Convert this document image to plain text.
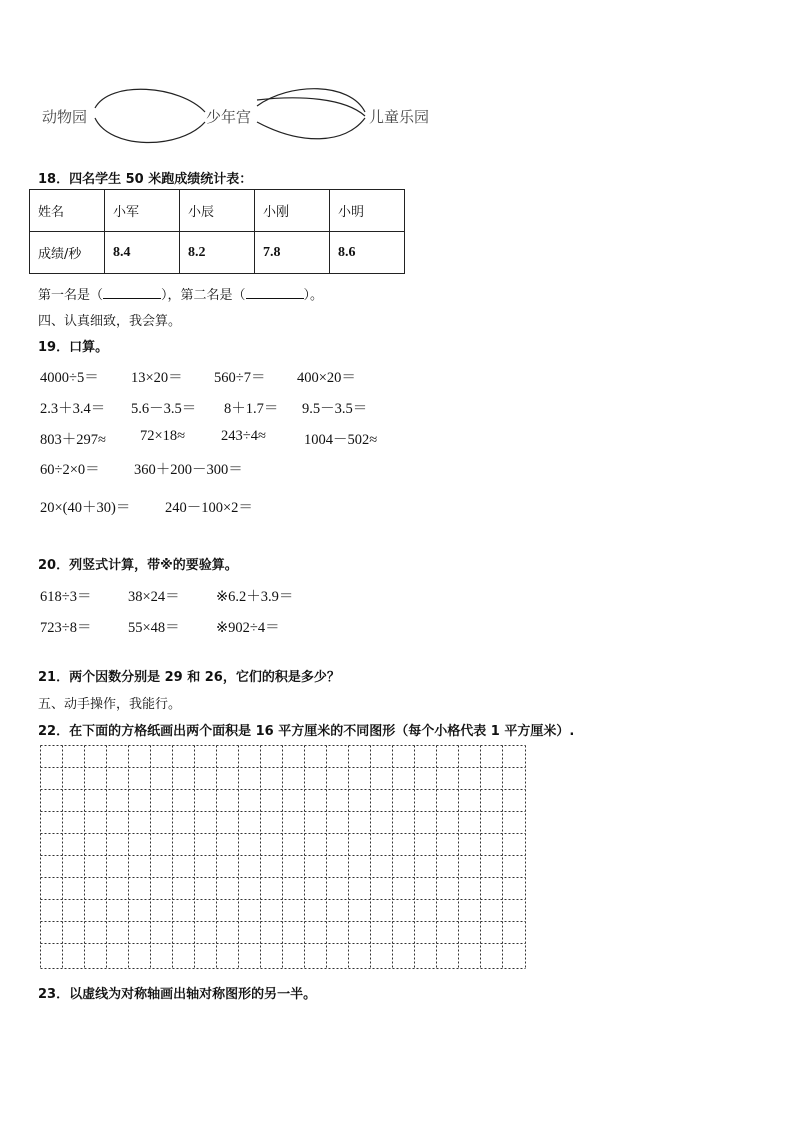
动物园	少年宫	儿童乐园
18．四名学生 50 米跑成绩统计表：
姓名	小军	小辰	小刚	小明
成绩/秒	8.4	8.2	7.8	8.6
第一名是（	），第二名是（	）。
四、认真细致，我会算。
19．口算。
4000÷5＝ 13×20＝ 560÷7＝ 400×20＝
2.3＋3.4＝ 5.6－3.5＝ 8＋1.7＝ 9.5－3.5＝
803＋297≈ 72×18≈ 243÷4≈	1004－502≈
60÷2×0＝ 360＋200－300＝
20×(40＋30)＝ 240－100×2＝
20．列竖式计算，带※的要验算。
618÷3＝	38×24＝	※6.2＋3.9＝
723÷8＝	55×48＝	※902÷4＝
21．两个因数分别是 29 和 26，它们的积是多少？
五、动手操作，我能行。
22．在下面的方格纸画出两个面积是 16 平方厘米的不同图形（每个小格代表 1 平方厘米）.
23．以虚线为对称轴画出轴对称图形的另一半。
